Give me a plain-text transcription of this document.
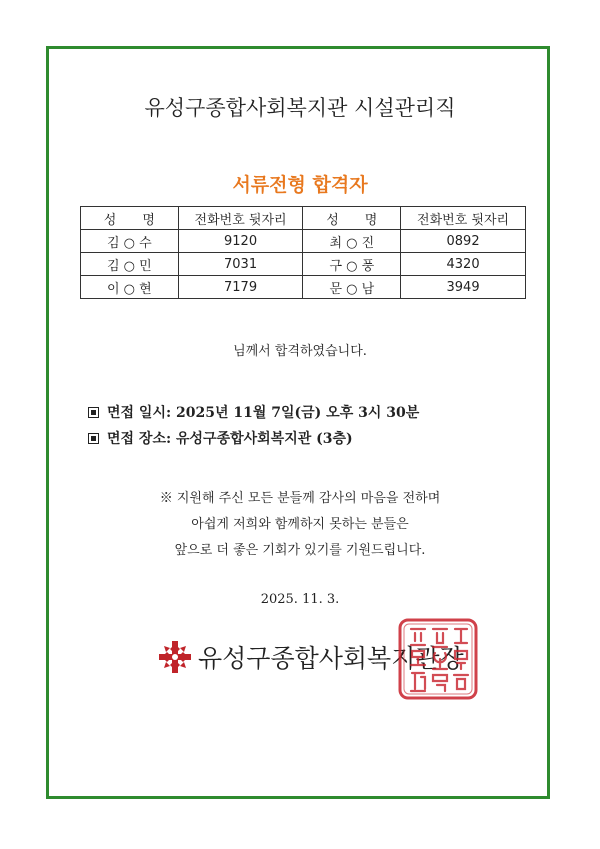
유성구종합사회복지관 시설관리직
서류전형 합격자
성　　명	전화번호 뒷자리	성　　명	전화번호 뒷자리
김 ○ 수	9120	최 ○ 진	0892
김 ○ 민	7031	구 ○ 풍	4320
이 ○ 현	7179	문 ○ 남	3949
님께서 합격하였습니다.
면접 일시: 2025년 11월 7일(금) 오후 3시 30분
면접 장소: 유성구종합사회복지관 (3층)
※ 지원해 주신 모든 분들께 감사의 마음을 전하며
아쉽게 저희와 함께하지 못하는 분들은
앞으로 더 좋은 기회가 있기를 기원드립니다.
2025. 11. 3.
유성구종합사회복지관장
